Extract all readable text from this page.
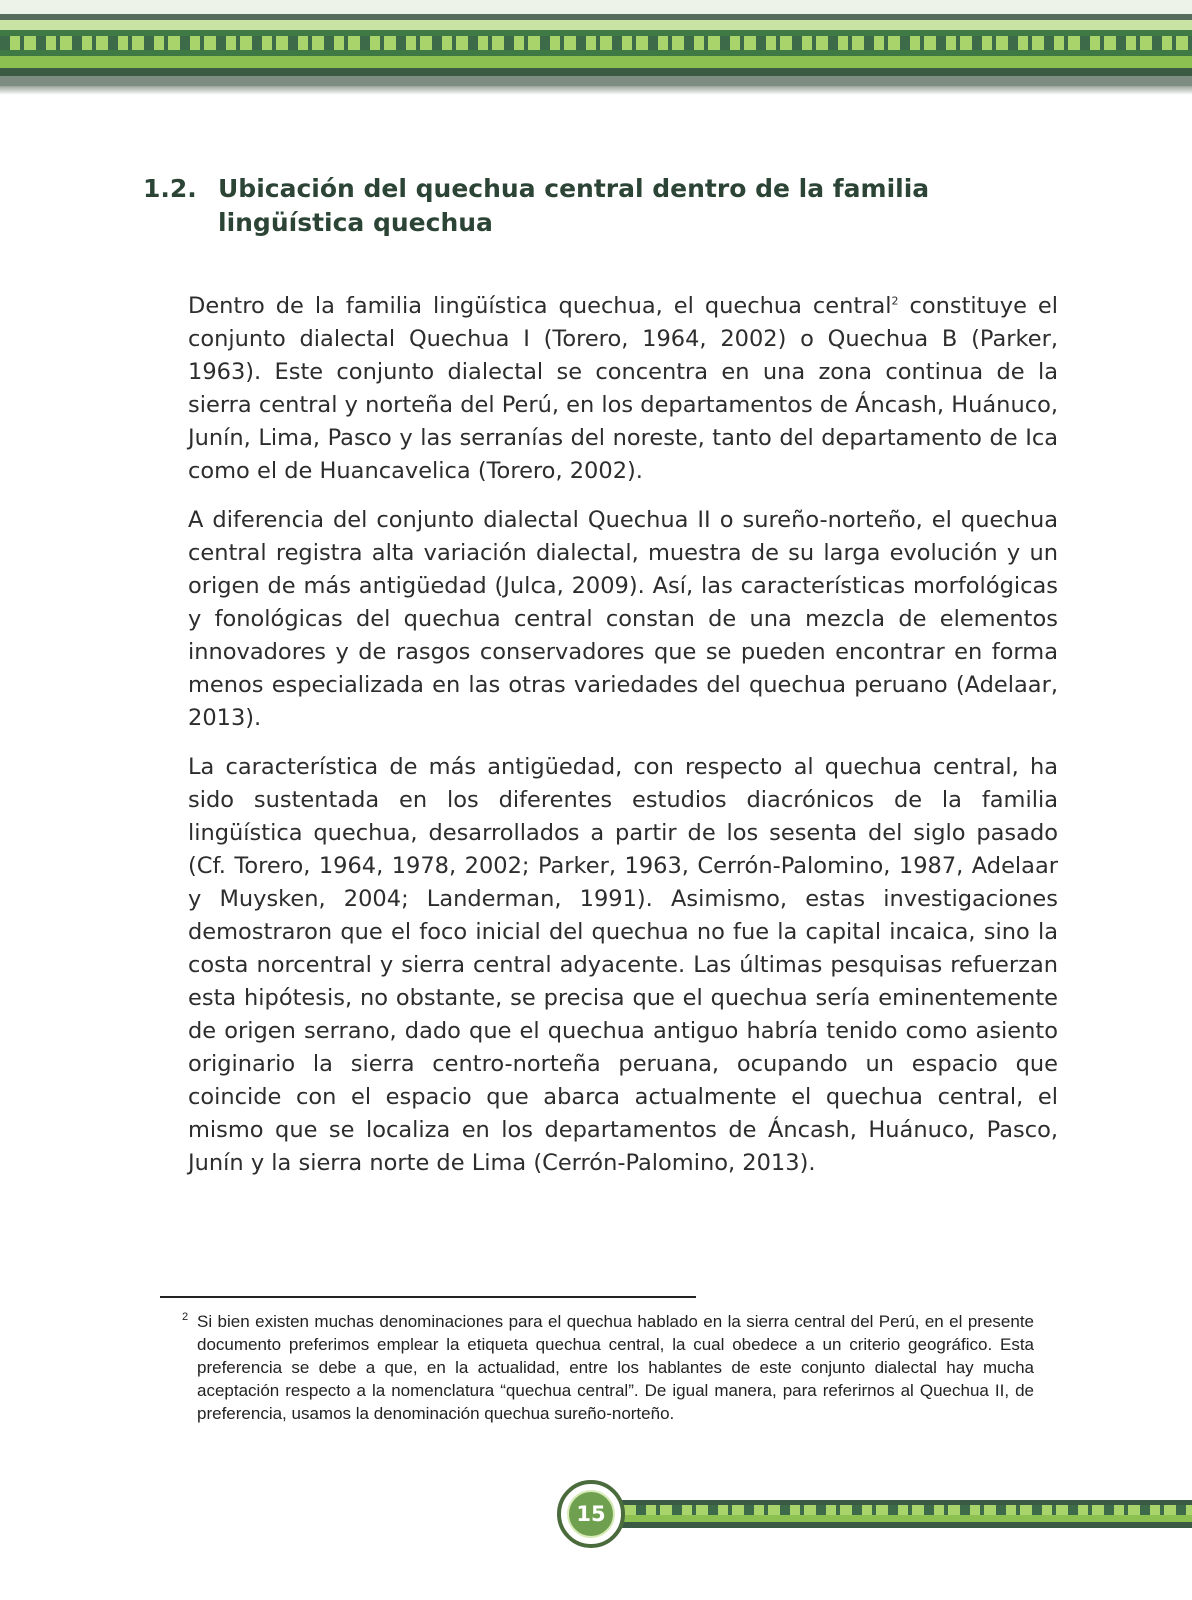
1.2. Ubicación del quechua central dentro de la familia lingüística quechua

Dentro de la familia lingüística quechua, el quechua central$^2$ constituye el conjunto dialectal Quechua I (Torero, 1964, 2002) o Quechua B (Parker, 1963). Este conjunto dialectal se concentra en una zona continua de la sierra central y norteña del Perú, en los departamentos de Áncash, Huánuco, Junín, Lima, Pasco y las serranías del noreste, tanto del departamento de Ica como el de Huancavelica (Torero, 2002).

A diferencia del conjunto dialectal Quechua II o sureño-norteño, el quechua central registra alta variación dialectal, muestra de su larga evolución y un origen de más antigüedad (Julca, 2009). Así, las características morfológicas y fonológicas del quechua central constan de una mezcla de elementos innovadores y de rasgos conservadores que se pueden encontrar en forma menos especializada en las otras variedades del quechua peruano (Adelaar, 2013).

La característica de más antigüedad, con respecto al quechua central, ha sido sustentada en los diferentes estudios diacrónicos de la familia lingüística quechua, desarrollados a partir de los sesenta del siglo pasado (Cf. Torero, 1964, 1978, 2002; Parker, 1963, Cerrón-Palomino, 1987, Adelaar y Muysken, 2004; Landerman, 1991). Asimismo, estas investigaciones demostraron que el foco inicial del quechua no fue la capital incaica, sino la costa norcentral y sierra central adyacente. Las últimas pesquisas refuerzan esta hipótesis, no obstante, se precisa que el quechua sería eminentemente de origen serrano, dado que el quechua antiguo habría tenido como asiento originario la sierra centro-norteña peruana, ocupando un espacio que coincide con el espacio que abarca actualmente el quechua central, el mismo que se localiza en los departamentos de Áncash, Huánuco, Pasco, Junín y la sierra norte de Lima (Cerrón-Palomino, 2013).

2 Si bien existen muchas denominaciones para el quechua hablado en la sierra central del Perú, en el presente documento preferimos emplear la etiqueta quechua central, la cual obedece a un criterio geográfico. Esta preferencia se debe a que, en la actualidad, entre los hablantes de este conjunto dialectal hay mucha aceptación respecto a la nomenclatura “quechua central”. De igual manera, para referirnos al Quechua II, de preferencia, usamos la denominación quechua sureño-norteño.
15
